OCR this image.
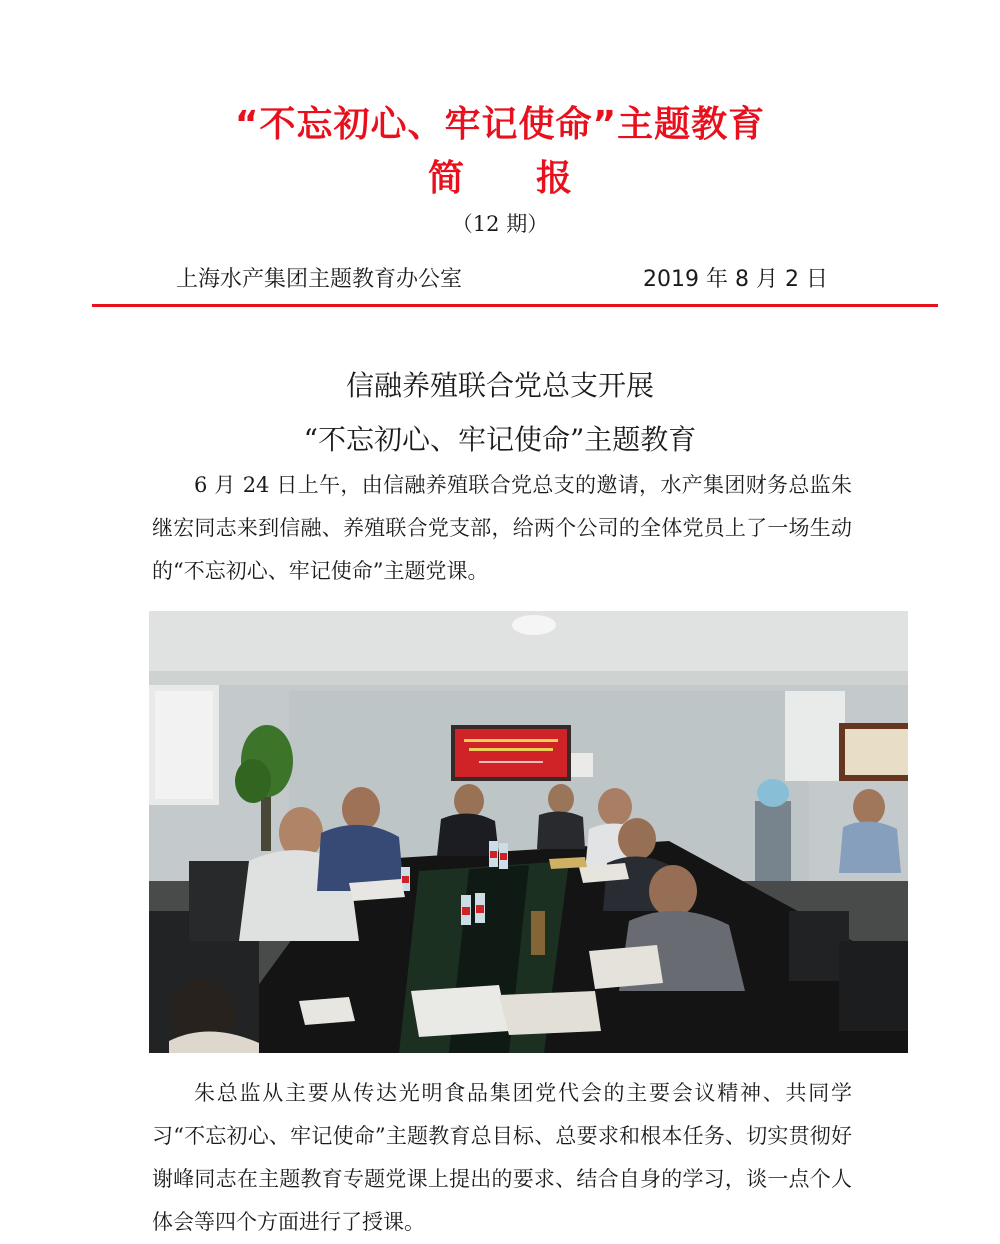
“不忘初心、牢记使命”主题教育
简 报
（12 期）
上海水产集团主题教育办公室	2019 年 8 月 2 日
信融养殖联合党总支开展
“不忘初心、牢记使命”主题教育

6 月 24 日上午，由信融养殖联合党总支的邀请，水产集团财务总监朱继宏同志来到信融、养殖联合党支部，给两个公司的全体党员上了一场生动的“不忘初心、牢记使命”主题党课。

朱总监从主要从传达光明食品集团党代会的主要会议精神、共同学习“不忘初心、牢记使命”主题教育总目标、总要求和根本任务、切实贯彻好谢峰同志在主题教育专题党课上提出的要求、结合自身的学习，谈一点个人体会等四个方面进行了授课。
